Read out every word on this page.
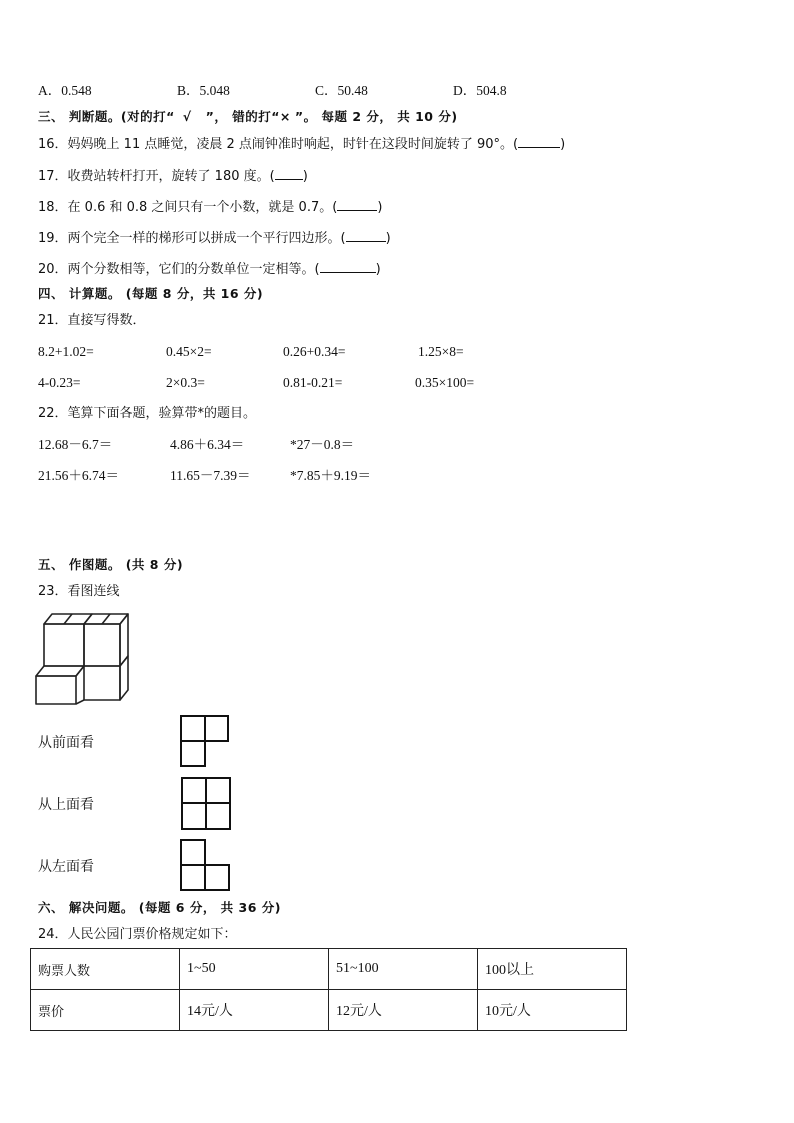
A．0.548	B．5.048	C．50.48	D．504.8
三、 判断题。(对的打“ √ ”， 错的打“× ”。 每题 2 分， 共 10 分)
16．妈妈晚上 11 点睡觉，凌晨 2 点闹钟准时响起，时针在这段时间旋转了 90°。(	)
17．收费站转杆打开，旋转了 180 度。( )
18．在 0.6 和 0.8 之间只有一个小数，就是 0.7。(	)
19．两个完全一样的梯形可以拼成一个平行四边形。(	)
20．两个分数相等，它们的分数单位一定相等。(	)
四、 计算题。 (每题 8 分，共 16 分)
21．直接写得数．
8.2+1.02=	0.45×2=	0.26+0.34=	1.25×8=
4-0.23=	2×0.3=	0.81-0.21=	0.35×100=
22．笔算下面各题，验算带*的题目。
12.68－6.7＝	4.86＋6.34＝	*27－0.8＝
21.56＋6.74＝	11.65－7.39＝	*7.85＋9.19＝
五、 作图题。 (共 8 分)
23．看图连线
从前面看
从上面看
从左面看
六、 解决问题。 (每题 6 分， 共 36 分)
24．人民公园门票价格规定如下：
购票人数	1~50	51~100	100以上
票价	14元/人	12元/人	10元/人
